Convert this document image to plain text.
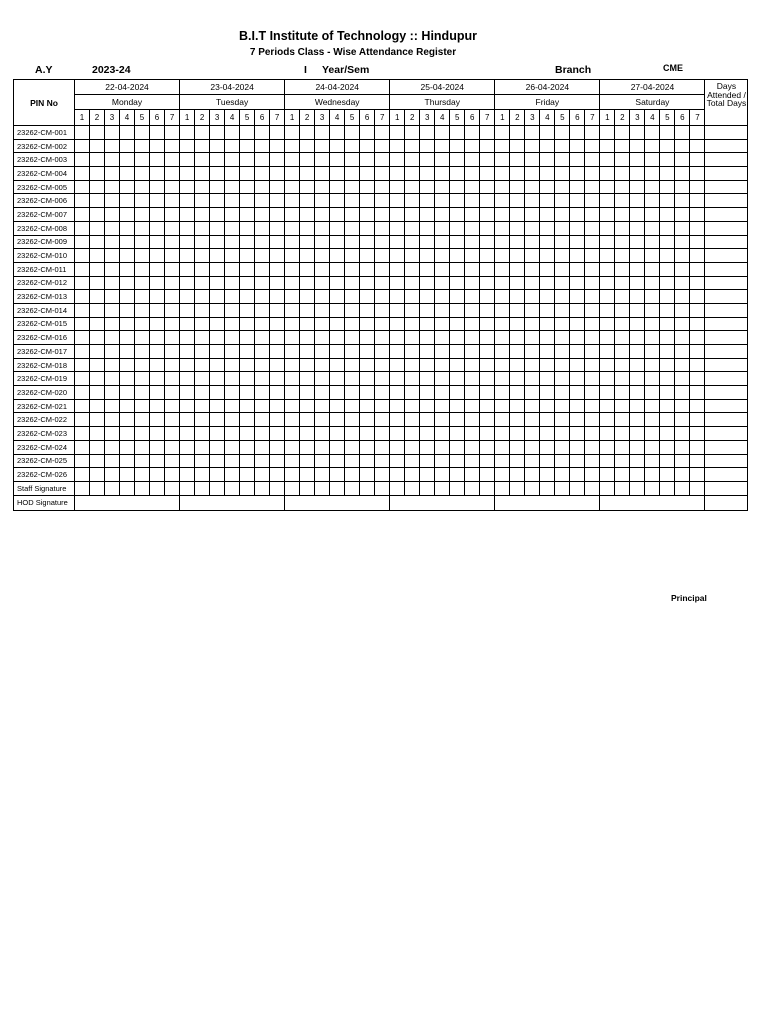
B.I.T Institute of Technology :: Hindupur
7 Periods Class - Wise Attendance Register
A.Y	2023-24	I Year/Sem	Branch	CME
PIN No	22-04-2024							23-04-2024							24-04-2024							25-04-2024							26-04-2024							27-04-2024							Days Attended / Total Days
	Monday							Tuesday							Wednesday							Thursday							Friday							Saturday							
	1	2	3	4	5	6	7	1	2	3	4	5	6	7	1	2	3	4	5	6	7	1	2	3	4	5	6	7	1	2	3	4	5	6	7	1	2	3	4	5	6	7	
23262-CM-001																																											
23262-CM-002																																											
23262-CM-003																																											
23262-CM-004																																											
23262-CM-005																																											
23262-CM-006																																											
23262-CM-007																																											
23262-CM-008																																											
23262-CM-009																																											
23262-CM-010																																											
23262-CM-011																																											
23262-CM-012																																											
23262-CM-013																																											
23262-CM-014																																											
23262-CM-015																																											
23262-CM-016																																											
23262-CM-017																																											
23262-CM-018																																											
23262-CM-019																																											
23262-CM-020																																											
23262-CM-021																																											
23262-CM-022																																											
23262-CM-023																																											
23262-CM-024																																											
23262-CM-025																																											
23262-CM-026																																											
Staff Signature																																											
HOD Signature																																											
Principal
